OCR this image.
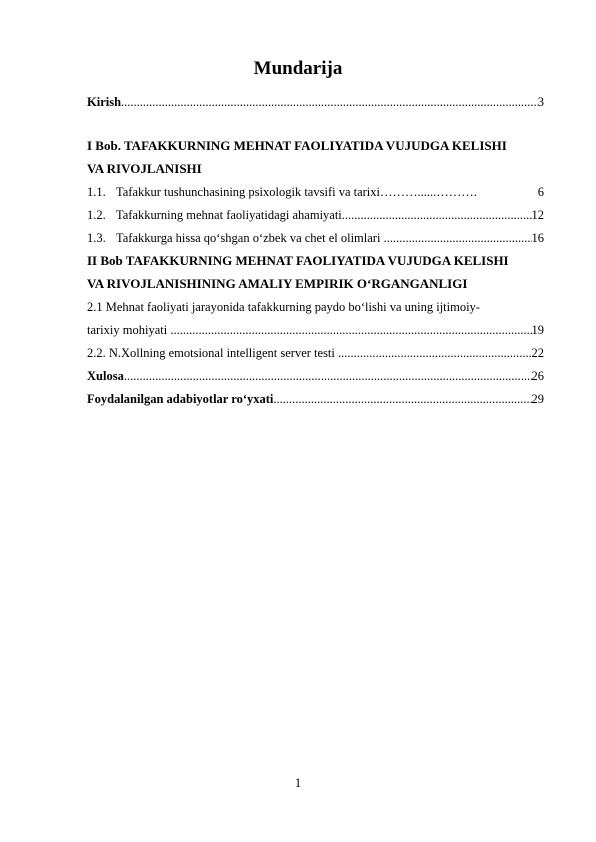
Mundarija
Kirish .....	3
I Bob. TAFAKKURNING MEHNAT FAOLIYATIDA VUJUDGA KELISHI
VA RIVOJLANISHI
1.1. Tafakkur tushunchasining psixologik tavsifi va tarixi ………......……….	6
1.2. Tafakkurning mehnat faoliyatidagi ahamiyati .....	12
1.3. Tafakkurga hissa qo‘shgan o‘zbek va chet el olimlari .....	16
II Bob TAFAKKURNING MEHNAT FAOLIYATIDA VUJUDGA KELISHI
VA RIVOJLANISHINING AMALIY EMPIRIK O‘RGANGANLIGI
2.1 Mehnat faoliyati jarayonida tafakkurning paydo bo‘lishi va uning ijtimoiy-
tarixiy mohiyati .....	19
2.2. N.Xollning emotsional intelligent server testi .....	22
Xulosa .....	26
Foydalanilgan adabiyotlar ro‘yxati .....	29
1
